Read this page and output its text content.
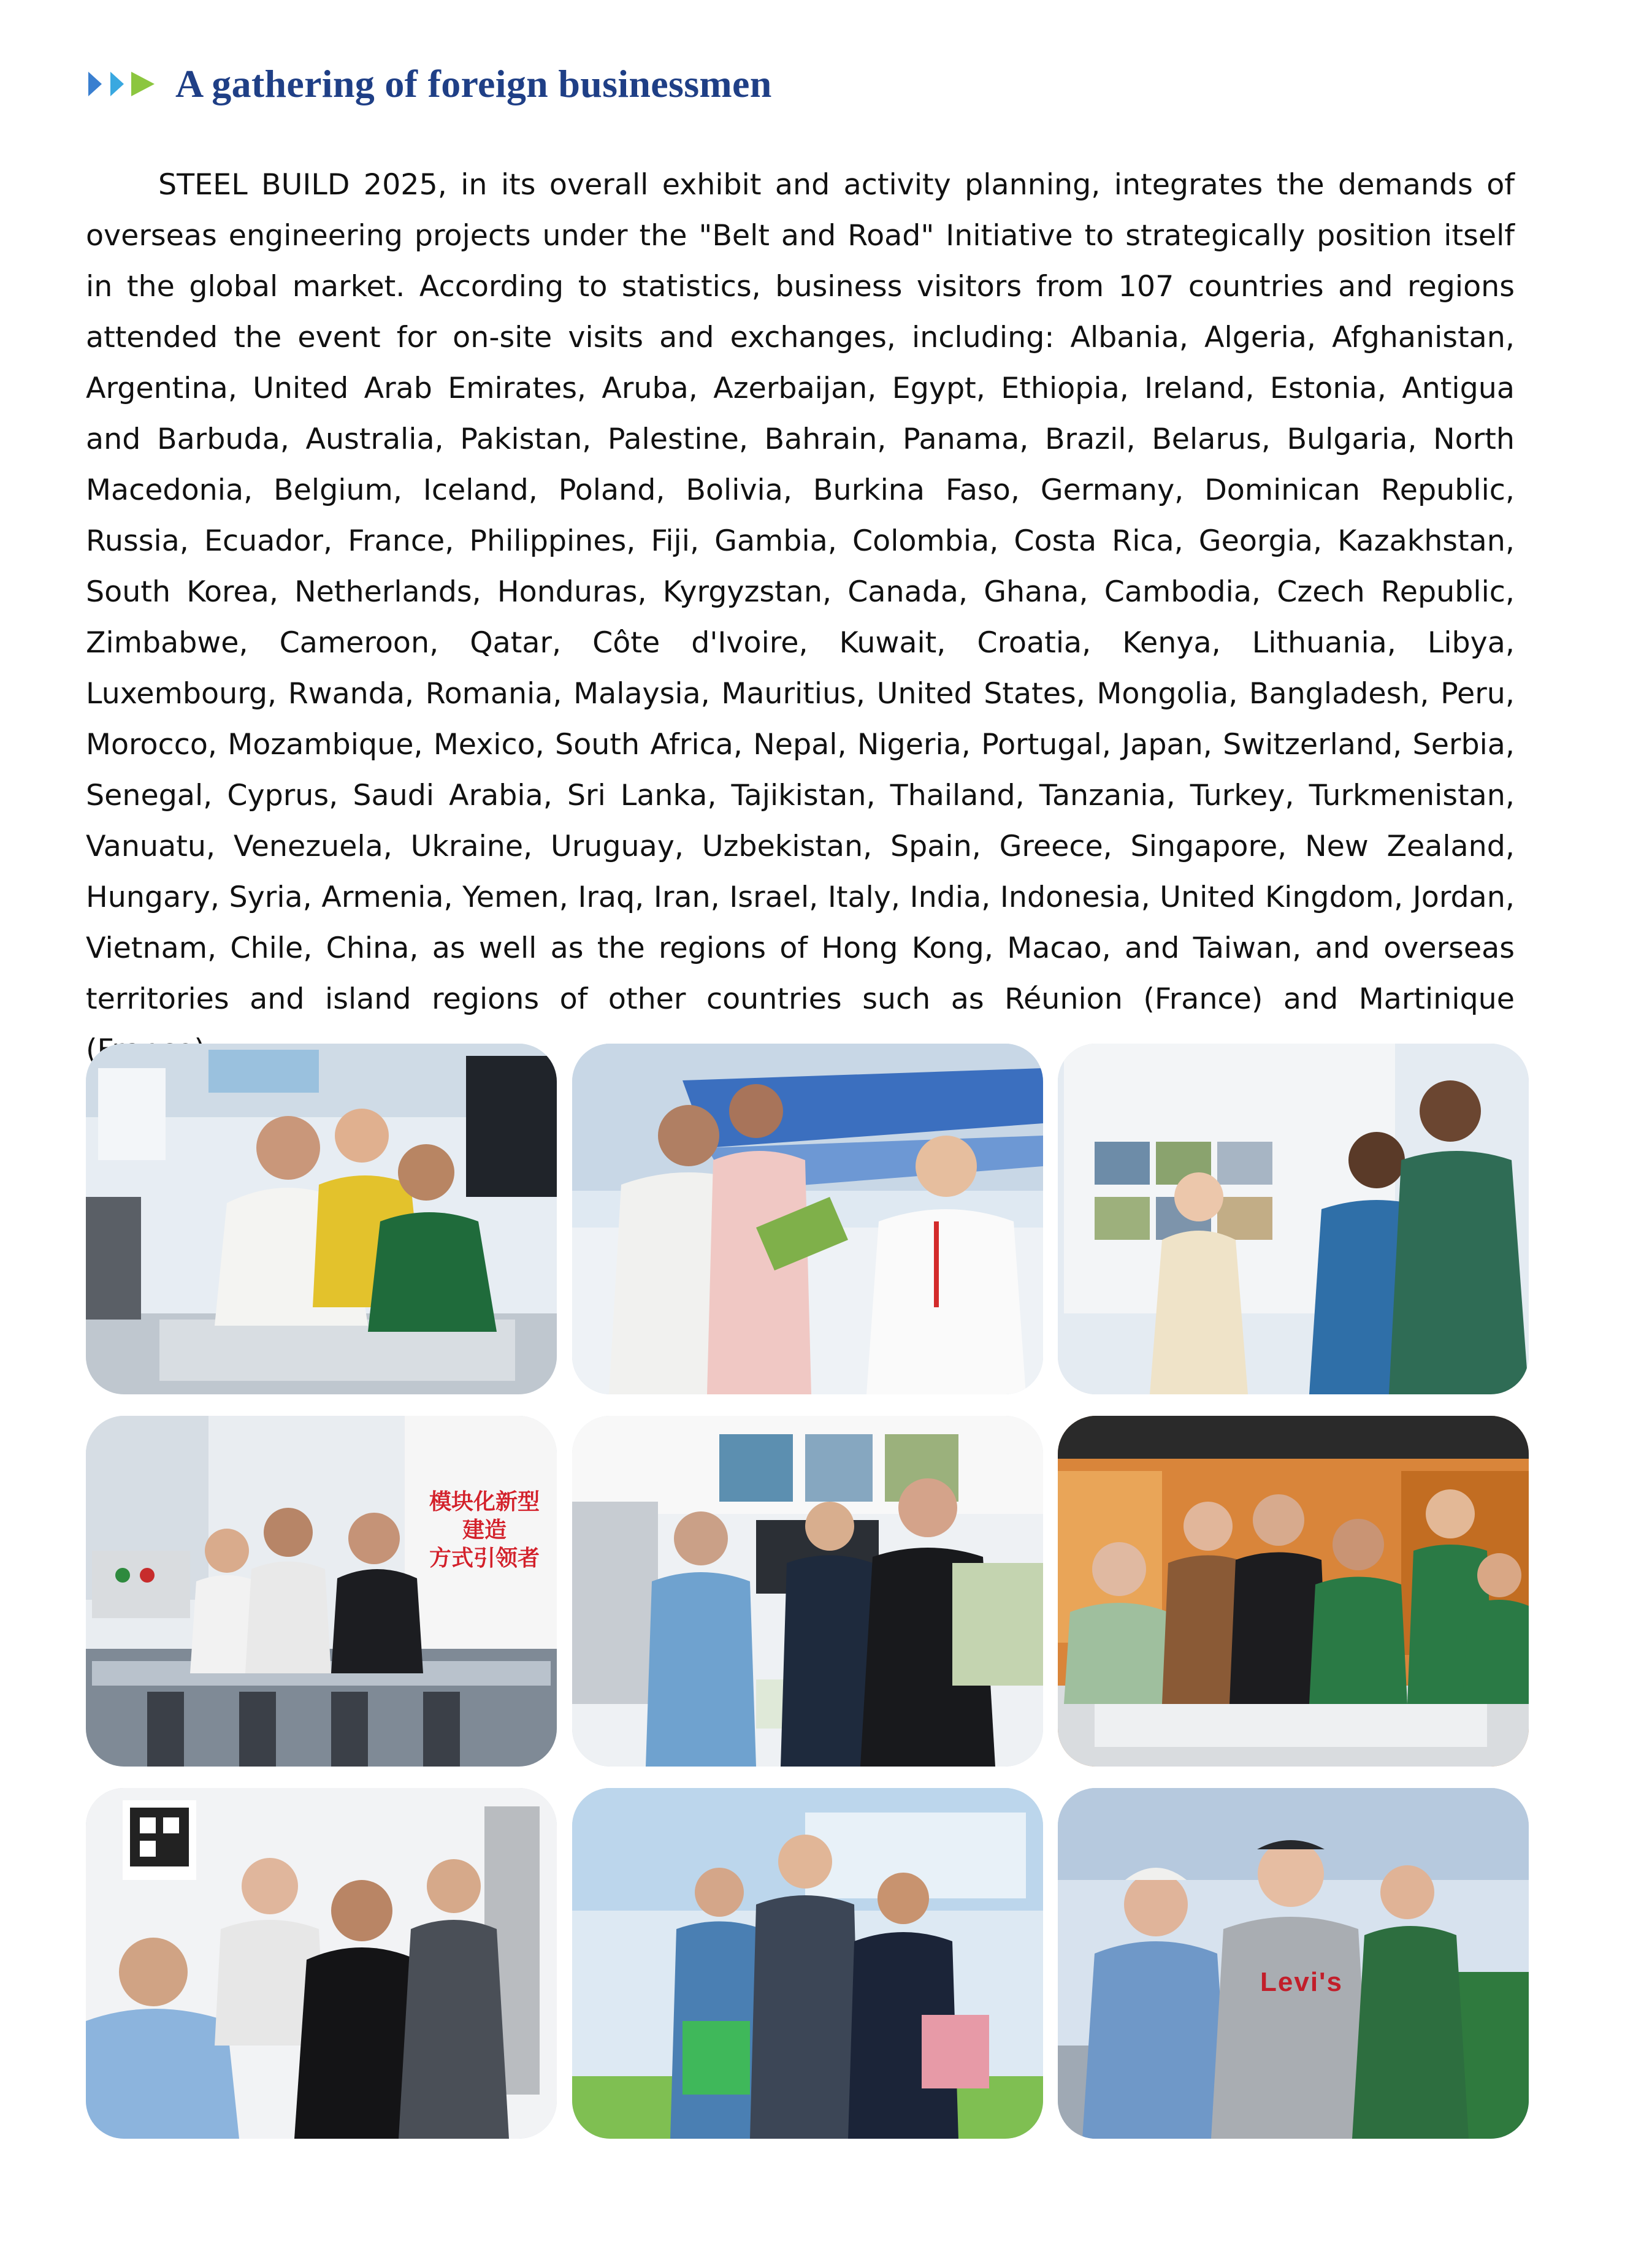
A gathering of foreign businessmen

STEEL BUILD 2025, in its overall exhibit and activity planning, integrates the demands of overseas engineering projects under the "Belt and Road" Initiative to strategically position itself in the global market. According to statistics, business visitors from 107 countries and regions attended the event for on-site visits and exchanges, including: Albania, Algeria, Afghanistan, Argentina, United Arab Emirates, Aruba, Azerbaijan, Egypt, Ethiopia, Ireland, Estonia, Antigua and Barbuda, Australia, Pakistan, Palestine, Bahrain, Panama, Brazil, Belarus, Bulgaria, North Macedonia, Belgium, Iceland, Poland, Bolivia, Burkina Faso, Germany, Dominican Republic, Russia, Ecuador, France, Philippines, Fiji, Gambia, Colombia, Costa Rica, Georgia, Kazakhstan, South Korea, Netherlands, Honduras, Kyrgyzstan, Canada, Ghana, Cambodia, Czech Republic, Zimbabwe, Cameroon, Qatar, Côte d'Ivoire, Kuwait, Croatia, Kenya, Lithuania, Libya, Luxembourg, Rwanda, Romania, Malaysia, Mauritius, United States, Mongolia, Bangladesh, Peru, Morocco, Mozambique, Mexico, South Africa, Nepal, Nigeria, Portugal, Japan, Switzerland, Serbia, Senegal, Cyprus, Saudi Arabia, Sri Lanka, Tajikistan, Thailand, Tanzania, Turkey, Turkmenistan, Vanuatu, Venezuela, Ukraine, Uruguay, Uzbekistan, Spain, Greece, Singapore, New Zealand, Hungary, Syria, Armenia, Yemen, Iraq, Iran, Israel, Italy, India, Indonesia, United Kingdom, Jordan, Vietnam, Chile, China, as well as the regions of Hong Kong, Macao, and Taiwan, and overseas territories and island regions of other countries such as Réunion (France) and Martinique

模块化新型建造
方式引领者
Levi's
